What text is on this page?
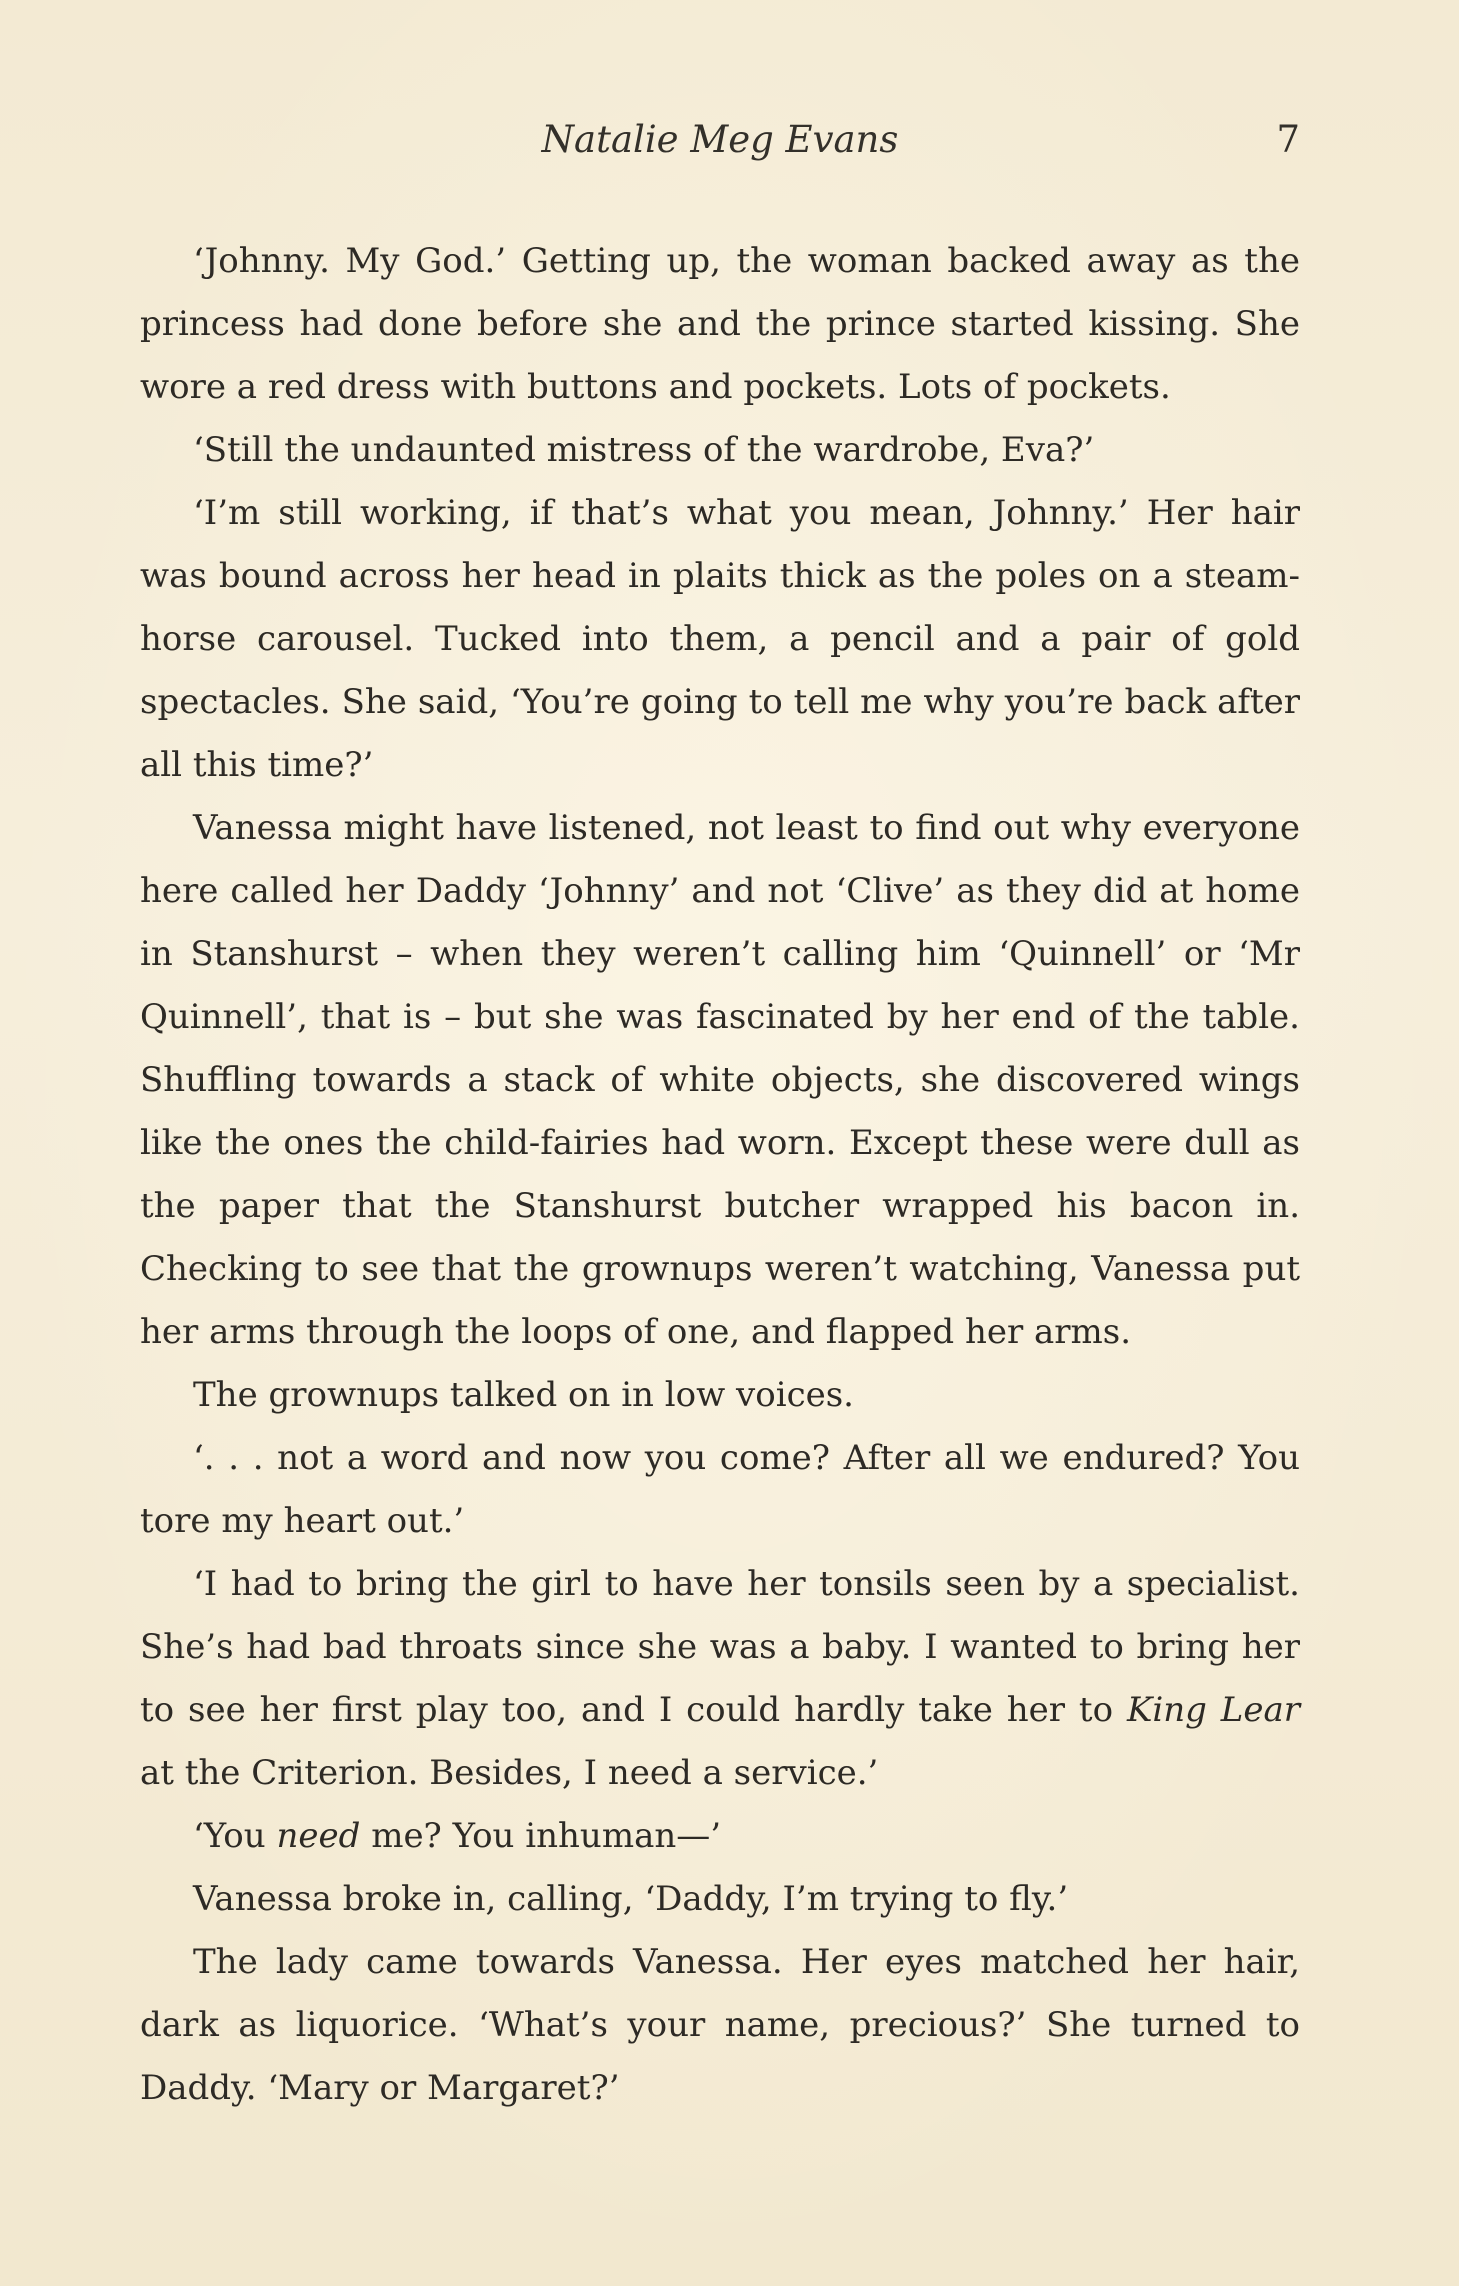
Natalie Meg Evans	7

‘Johnny. My God.’ Getting up, the woman backed away as the princess had done before she and the prince started kissing. She wore a red dress with buttons and pockets. Lots of pockets.

‘Still the undaunted mistress of the wardrobe, Eva?’

‘I’m still working, if that’s what you mean, Johnny.’ Her hair was bound across her head in plaits thick as the poles on a steam-horse carousel. Tucked into them, a pencil and a pair of gold spectacles. She said, ‘You’re going to tell me why you’re back after all this time?’

Vanessa might have listened, not least to find out why everyone here called her Daddy ‘Johnny’ and not ‘Clive’ as they did at home in Stanshurst – when they weren’t calling him ‘Quinnell’ or ‘Mr Quinnell’, that is – but she was fascinated by her end of the table. Shuffling towards a stack of white objects, she discovered wings like the ones the child-fairies had worn. Except these were dull as the paper that the Stanshurst butcher wrapped his bacon in. Checking to see that the grownups weren’t watching, Vanessa put her arms through the loops of one, and flapped her arms.

The grownups talked on in low voices.

‘. . . not a word and now you come? After all we endured? You tore my heart out.’

‘I had to bring the girl to have her tonsils seen by a specialist. She’s had bad throats since she was a baby. I wanted to bring her to see her first play too, and I could hardly take her to King Lear at the Criterion. Besides, I need a service.’

‘You need me? You inhuman—’

Vanessa broke in, calling, ‘Daddy, I’m trying to fly.’

The lady came towards Vanessa. Her eyes matched her hair, dark as liquorice. ‘What’s your name, precious?’ She turned to Daddy. ‘Mary or Margaret?’
